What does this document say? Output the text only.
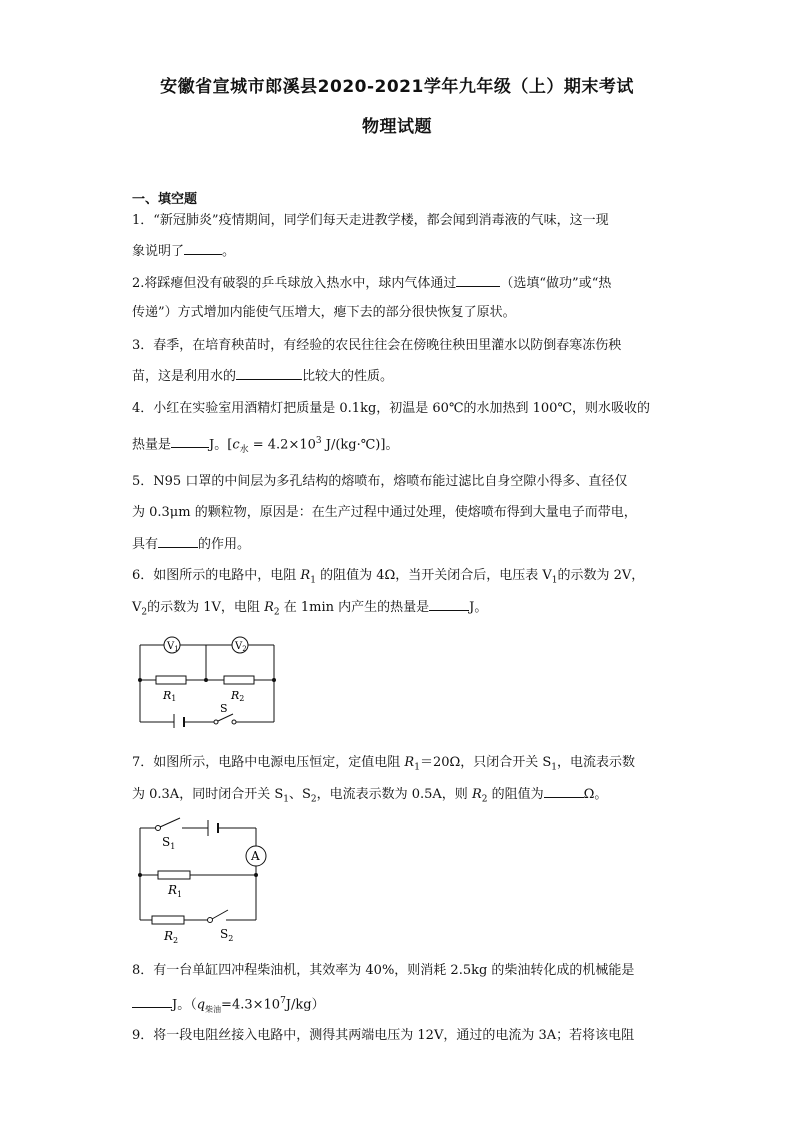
安徽省宣城市郎溪县2020-2021学年九年级（上）期末考试
物理试题
一、填空题
1．“新冠肺炎”疫情期间，同学们每天走进教学楼，都会闻到消毒液的气味，这一现
象说明了	。
2.将踩瘪但没有破裂的乒乓球放入热水中，球内气体通过	（选填“做功”或“热
传递”）方式增加内能使气压增大，瘪下去的部分很快恢复了原状。
3．春季，在培育秧苗时，有经验的农民往往会在傍晚往秧田里灌水以防倒春寒冻伤秧
苗，这是利用水的	比较大的性质。
4．小红在实验室用酒精灯把质量是 0.1kg，初温是 60℃的水加热到 100℃，则水吸收的
热量是	J。[$c_水 = 4.2\times 10^3$ J/(kg·℃)]。
5．N95 口罩的中间层为多孔结构的熔喷布，熔喷布能过滤比自身空隙小得多、直径仅
为 0.3μm 的颗粒物，原因是：在生产过程中通过处理，使熔喷布得到大量电子而带电，
具有	的作用。
6．如图所示的电路中，电阻 $R_1$ 的阻值为 4Ω，当开关闭合后，电压表 $V_1$的示数为 2V，
$V_2$的示数为 1V，电阻 $R_2$ 在 1min 内产生的热量是	J。
$V_1$	$V_2$
R1	R2
S
7．如图所示，电路中电源电压恒定，定值电阻 $R_1=20\Omega$，只闭合开关 $S_1$，电流表示数
为 0.3A，同时闭合开关 $S_1$、$S_2$，电流表示数为 0.5A，则 $R_2$ 的阻值为	Ω。
$S_1$
A
$R_1$
$R_2$	$S_2$
8．有一台单缸四冲程柴油机，其效率为 40%，则消耗 2.5kg 的柴油转化成的机械能是
J。$(q_{柴油}=4.3\times 10^7J/kg)$
9．将一段电阻丝接入电路中，测得其两端电压为 12V，通过的电流为 3A；若将该电阻
